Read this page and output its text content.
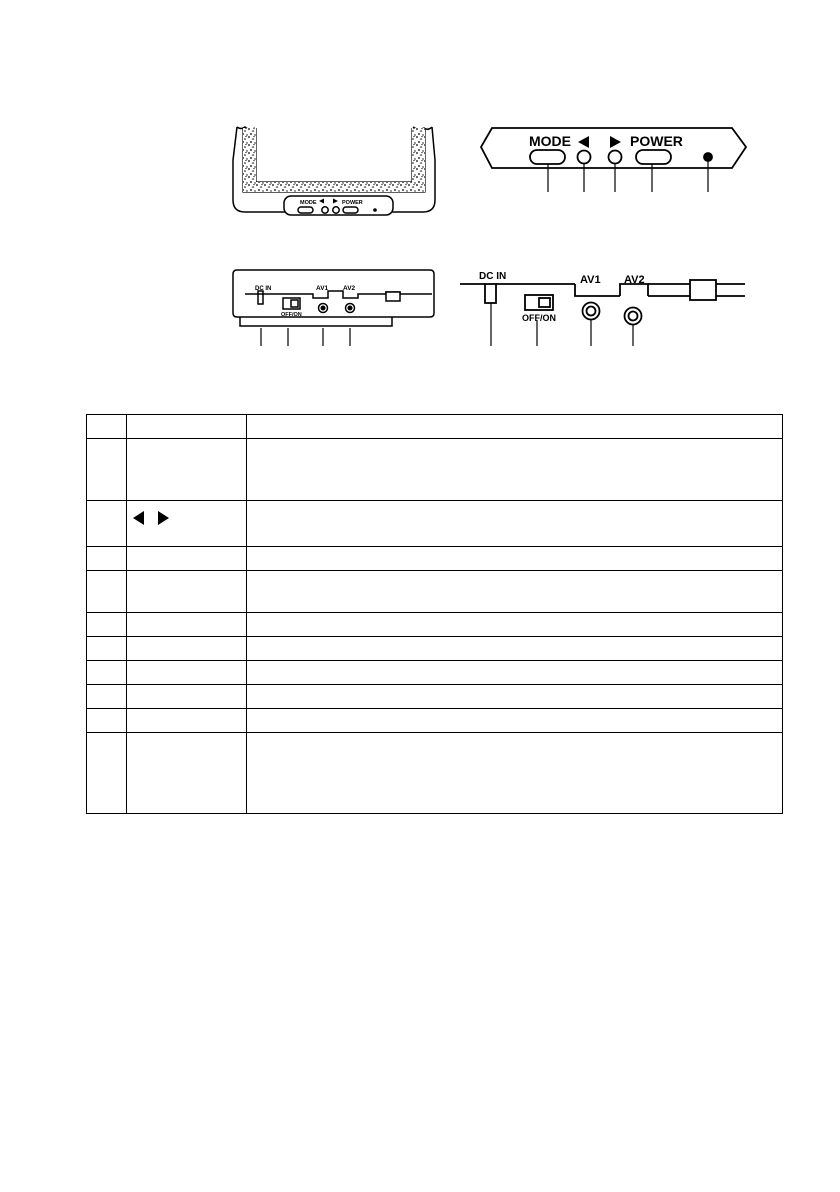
MODE	POWER
MODE	POWER
DC IN
OFF/ON
AV1 AV2
DC IN
OFF/ON
AV1 AV2
